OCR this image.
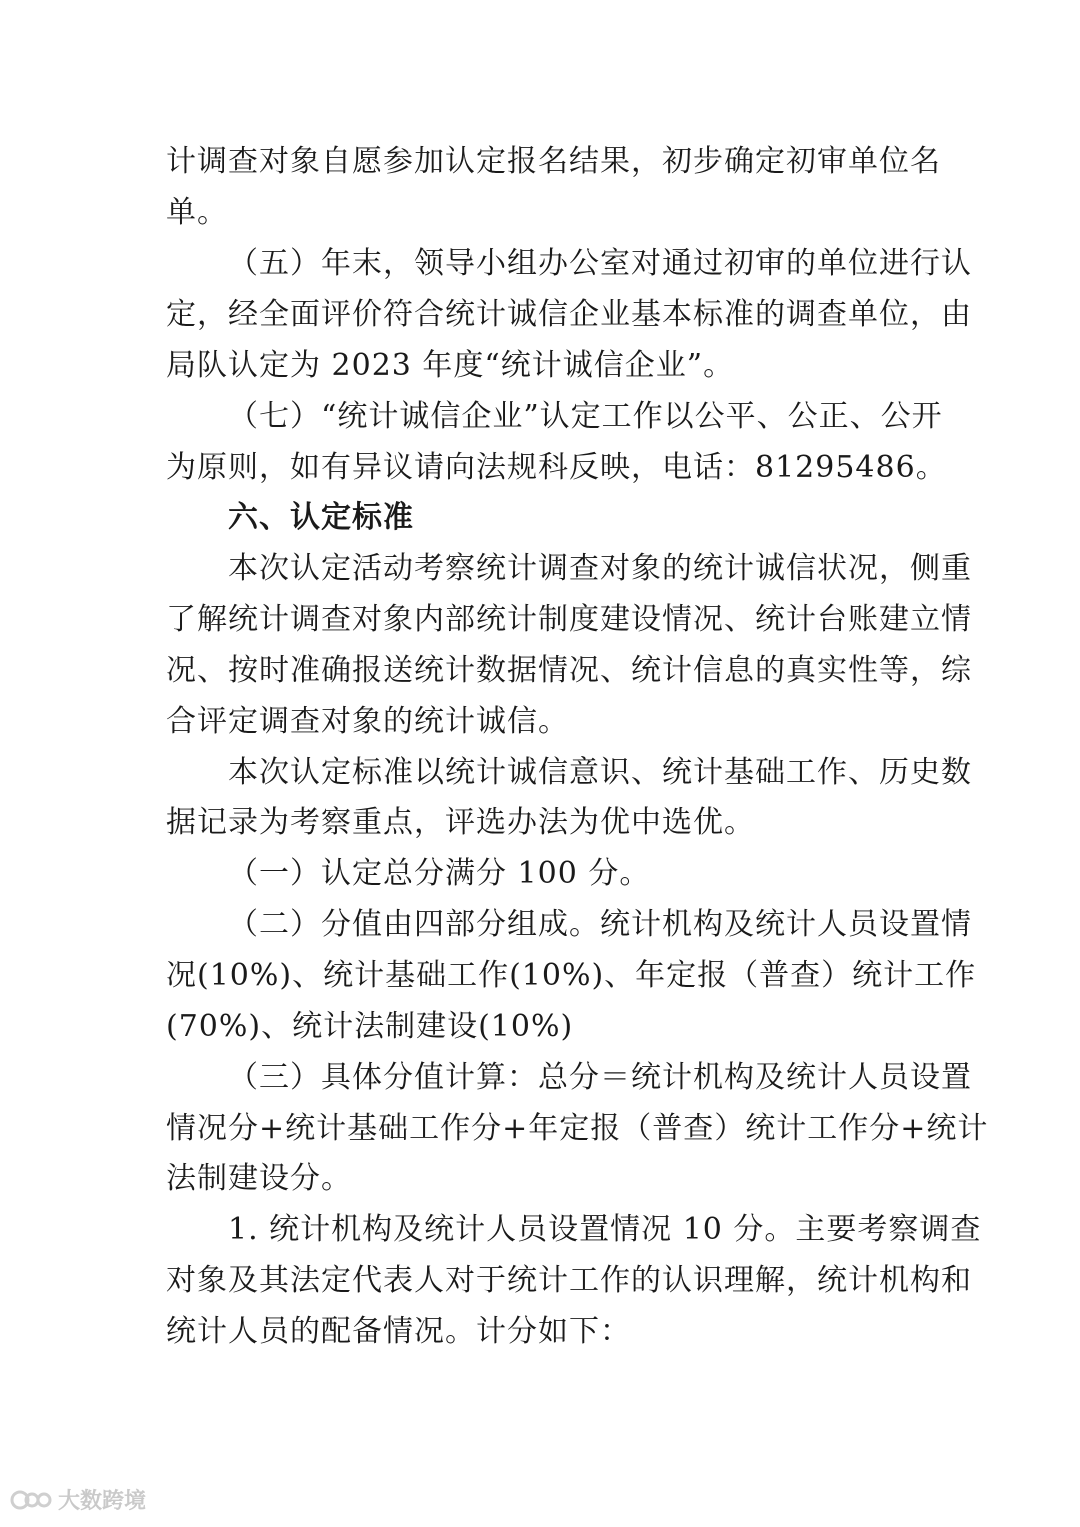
计调查对象自愿参加认定报名结果，初步确定初审单位名
单。
（五）年末，领导小组办公室对通过初审的单位进行认
定，经全面评价符合统计诚信企业基本标准的调查单位，由
局队认定为 2023 年度“统计诚信企业”。
（七）“统计诚信企业”认定工作以公平、公正、公开
为原则，如有异议请向法规科反映，电话：81295486。
六、认定标准
本次认定活动考察统计调查对象的统计诚信状况，侧重
了解统计调查对象内部统计制度建设情况、统计台账建立情
况、按时准确报送统计数据情况、统计信息的真实性等，综
合评定调查对象的统计诚信。
本次认定标准以统计诚信意识、统计基础工作、历史数
据记录为考察重点，评选办法为优中选优。
（一）认定总分满分 100 分。
（二）分值由四部分组成。统计机构及统计人员设置情
况(10%)、统计基础工作(10%)、年定报（普查）统计工作
(70%)、统计法制建设(10%)
（三）具体分值计算：总分＝统计机构及统计人员设置
情况分+统计基础工作分+年定报（普查）统计工作分+统计
法制建设分。
1. 统计机构及统计人员设置情况 10 分。主要考察调查
对象及其法定代表人对于统计工作的认识理解，统计机构和
统计人员的配备情况。计分如下：
大数跨境
